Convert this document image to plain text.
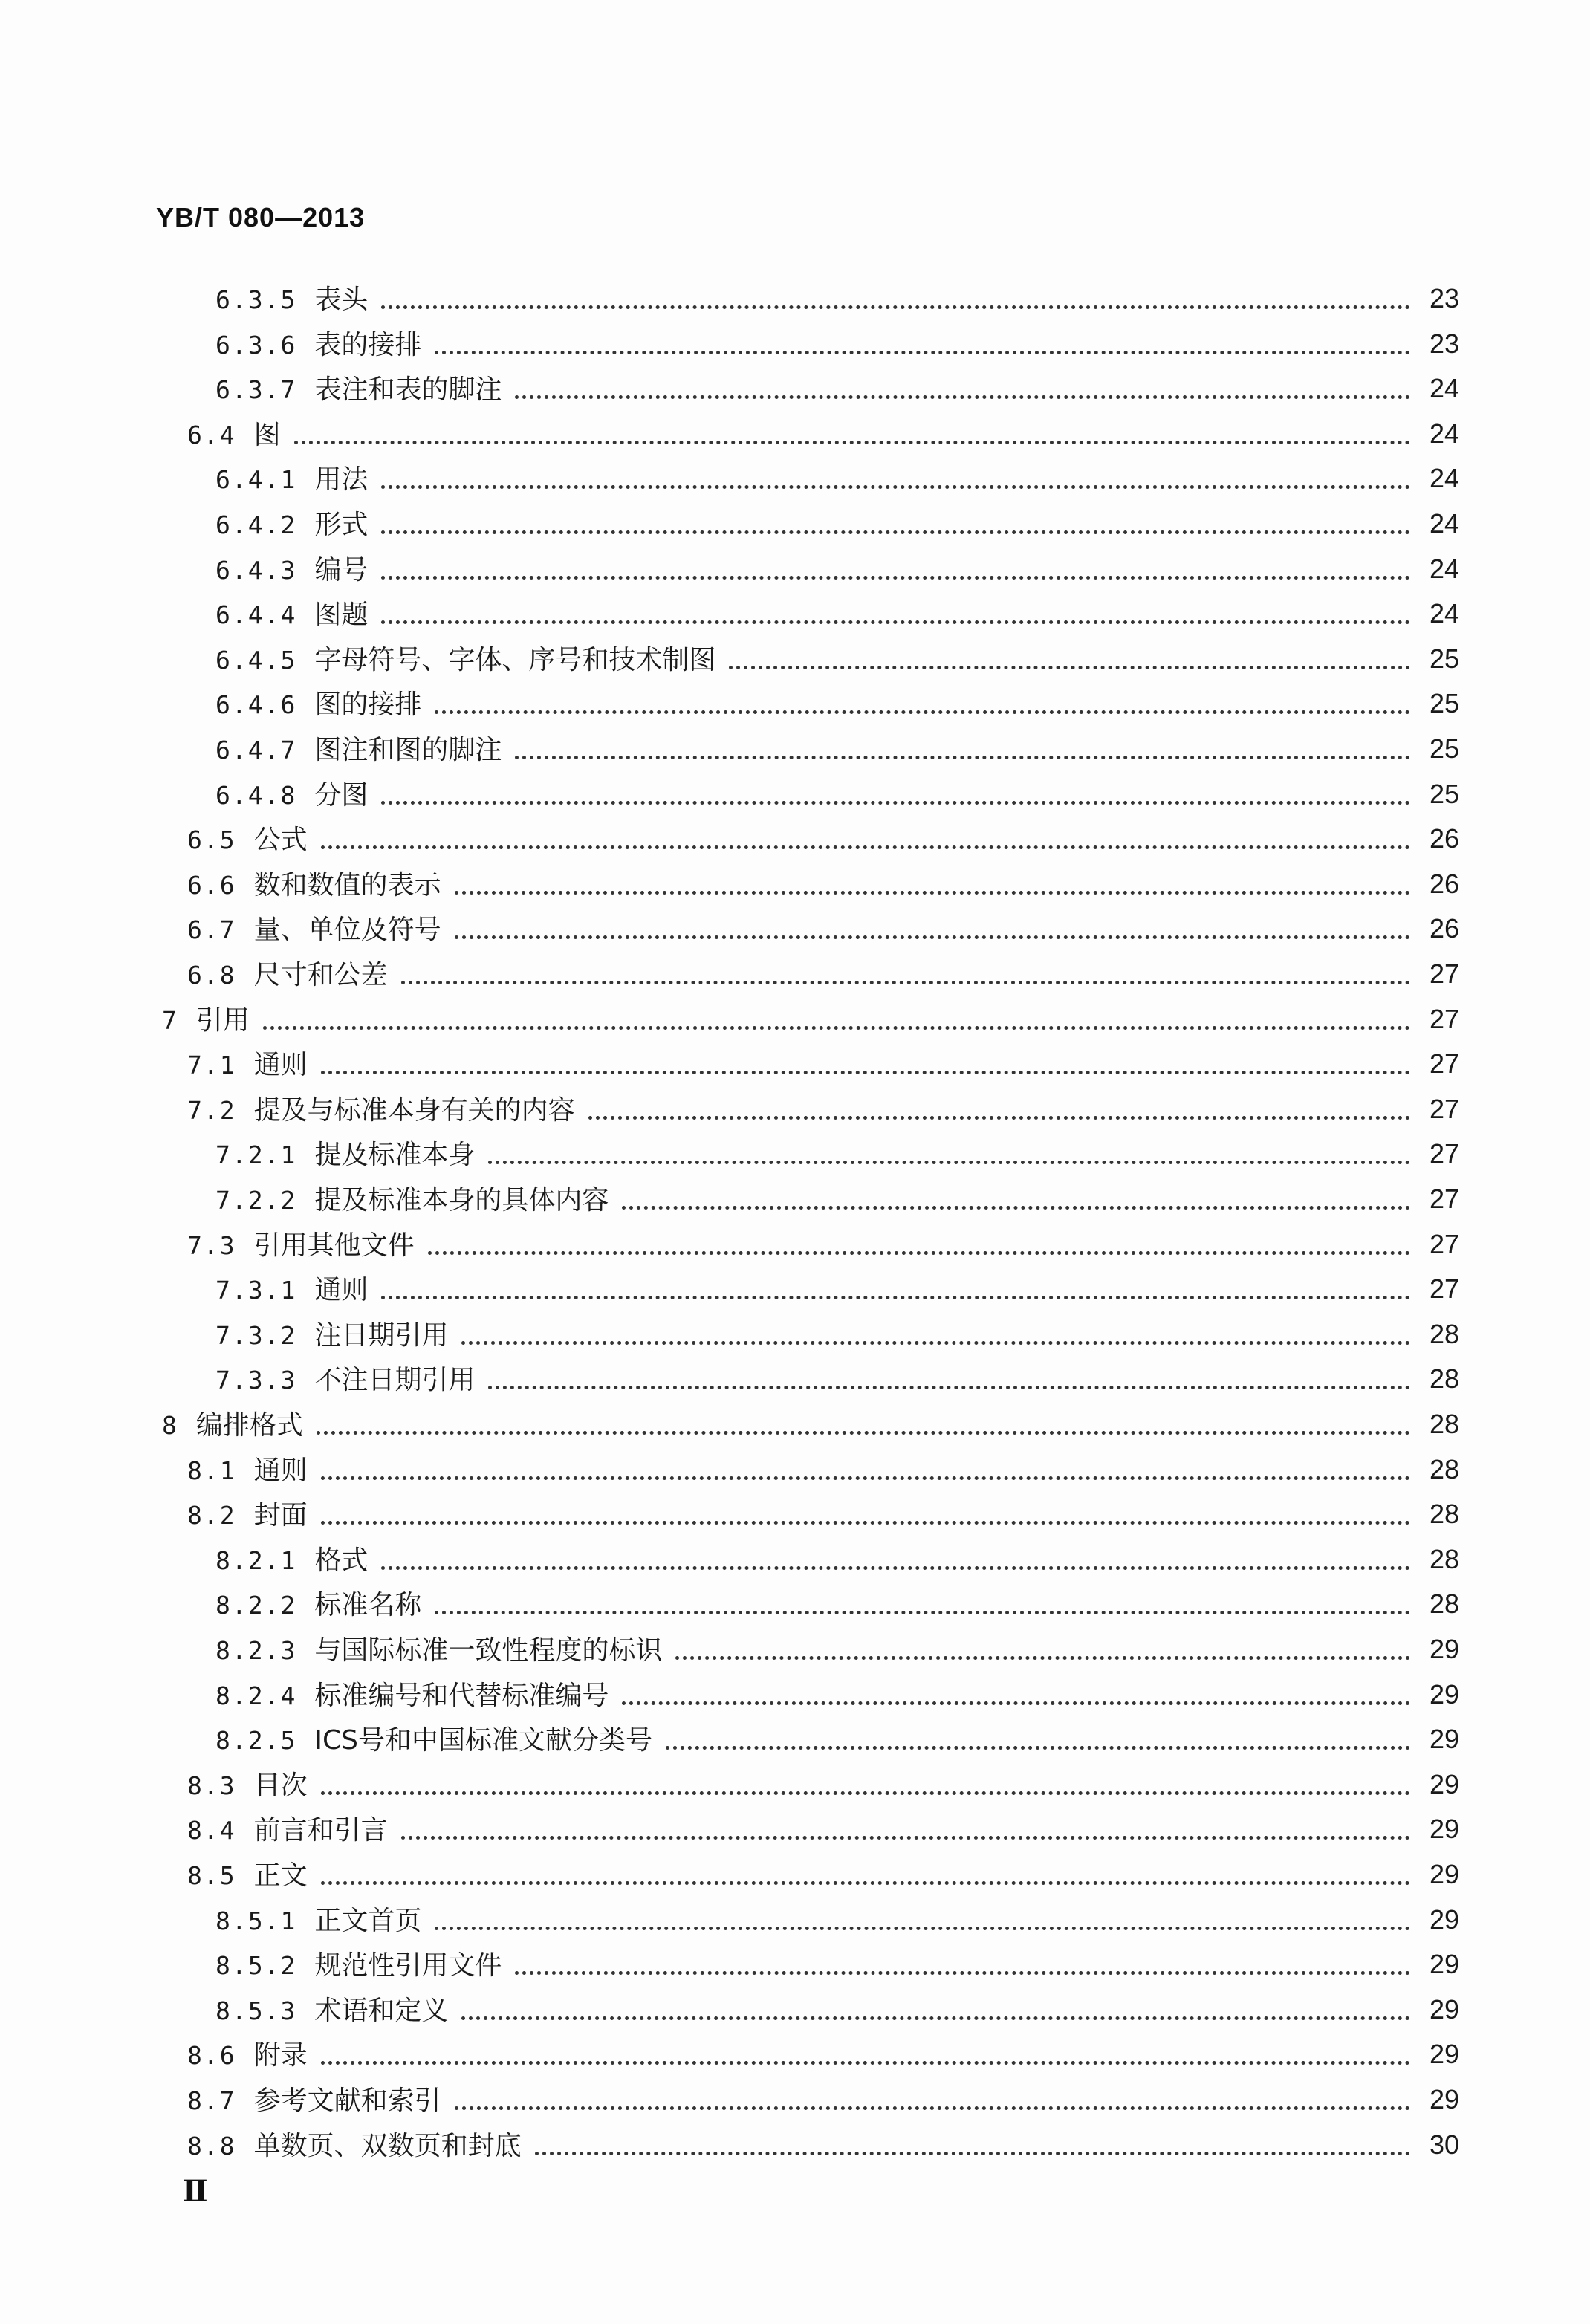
YB/T 080—2013
6.3.5 表头	23
6.3.6 表的接排	23
6.3.7 表注和表的脚注	24
6.4 图	24
6.4.1 用法	24
6.4.2 形式	24
6.4.3 编号	24
6.4.4 图题	24
6.4.5 字母符号、字体、序号和技术制图	25
6.4.6 图的接排	25
6.4.7 图注和图的脚注	25
6.4.8 分图	25
6.5 公式	26
6.6 数和数值的表示	26
6.7 量、单位及符号	26
6.8 尺寸和公差	27
7 引用	27
7.1 通则	27
7.2 提及与标准本身有关的内容	27
7.2.1 提及标准本身	27
7.2.2 提及标准本身的具体内容	27
7.3 引用其他文件	27
7.3.1 通则	27
7.3.2 注日期引用	28
7.3.3 不注日期引用	28
8 编排格式	28
8.1 通则	28
8.2 封面	28
8.2.1 格式	28
8.2.2 标准名称	28
8.2.3 与国际标准一致性程度的标识	29
8.2.4 标准编号和代替标准编号	29
8.2.5 ICS号和中国标准文献分类号	29
8.3 目次	29
8.4 前言和引言	29
8.5 正文	29
8.5.1 正文首页	29
8.5.2 规范性引用文件	29
8.5.3 术语和定义	29
8.6 附录	29
8.7 参考文献和索引	29
8.8 单数页、双数页和封底	30
Ⅱ
